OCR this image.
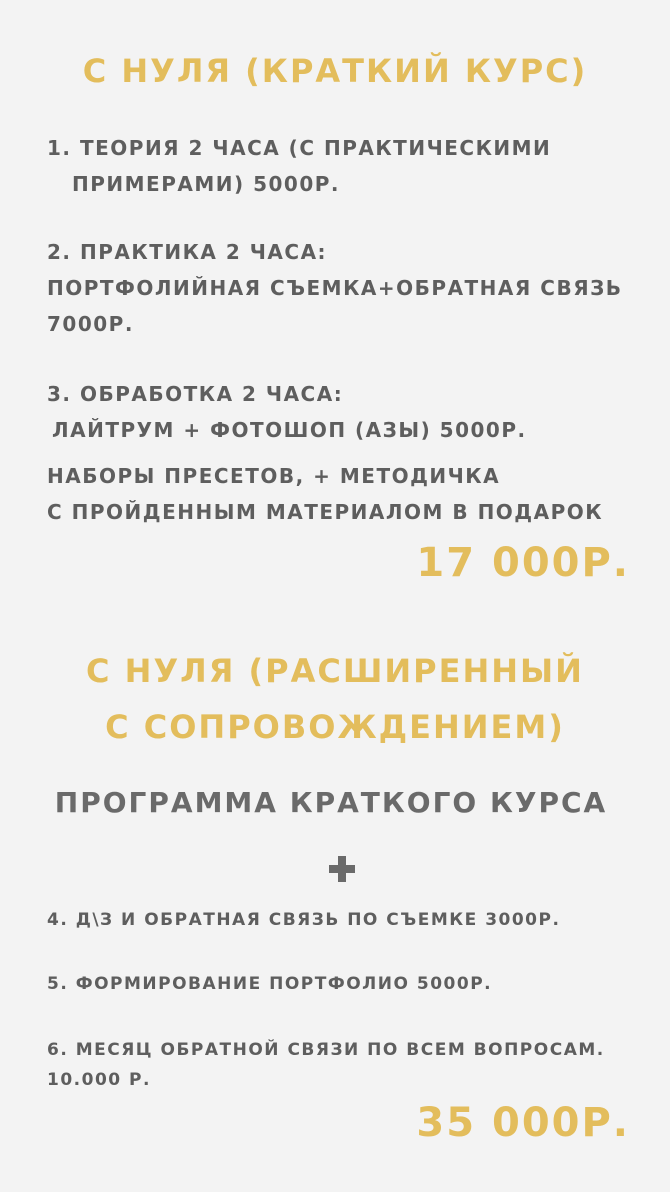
С НУЛЯ (КРАТКИЙ КУРС)
1. ТЕОРИЯ 2 ЧАСА (С ПРАКТИЧЕСКИМИ
ПРИМЕРАМИ) 5000Р.
2. ПРАКТИКА 2 ЧАСА:
ПОРТФОЛИЙНАЯ СЪЕМКА+ОБРАТНАЯ СВЯЗЬ
7000Р.
3. ОБРАБОТКА 2 ЧАСА:
ЛАЙТРУМ + ФОТОШОП (АЗЫ) 5000Р.
НАБОРЫ ПРЕСЕТОВ, + МЕТОДИЧКА
С ПРОЙДЕННЫМ МАТЕРИАЛОМ В ПОДАРОК
17 000Р.
С НУЛЯ (РАСШИРЕННЫЙ
С СОПРОВОЖДЕНИЕМ)
ПРОГРАММА КРАТКОГО КУРСА
4. Д\З И ОБРАТНАЯ СВЯЗЬ ПО СЪЕМКЕ 3000Р.
5. ФОРМИРОВАНИЕ ПОРТФОЛИО 5000Р.
6. МЕСЯЦ ОБРАТНОЙ СВЯЗИ ПО ВСЕМ ВОПРОСАМ.
10.000 Р.
35 000Р.
